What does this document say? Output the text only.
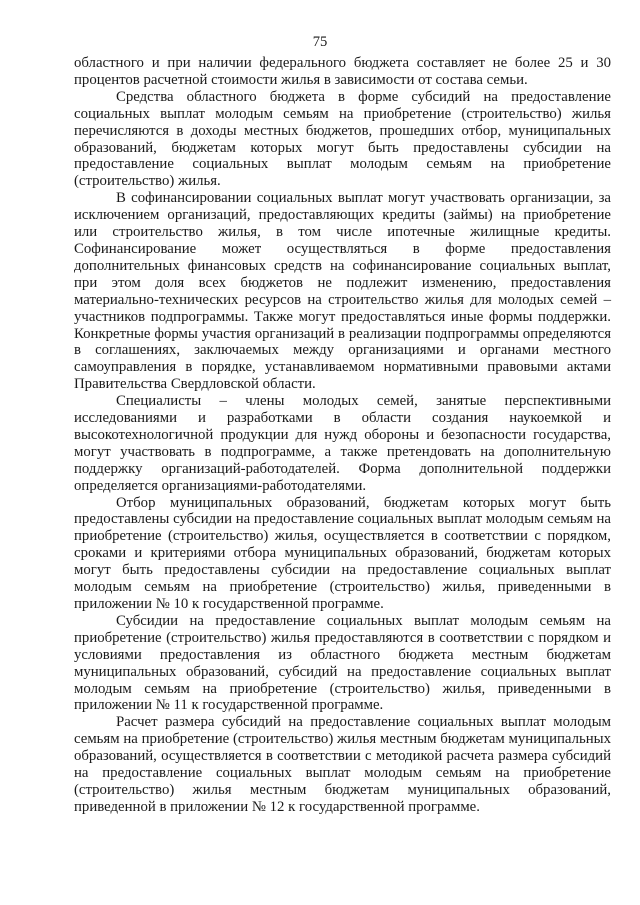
75

областного и при наличии федерального бюджета составляет не более 25 и 30 процентов расчетной стоимости жилья в зависимости от состава семьи.

Средства областного бюджета в форме субсидий на предоставление социальных выплат молодым семьям на приобретение (строительство) жилья перечисляются в доходы местных бюджетов, прошедших отбор, муниципальных образований, бюджетам которых могут быть предоставлены субсидии на предоставление социальных выплат молодым семьям на приобретение (строительство) жилья.

В софинансировании социальных выплат могут участвовать организации, за исключением организаций, предоставляющих кредиты (займы) на приобретение или строительство жилья, в том числе ипотечные жилищные кредиты. Софинансирование может осуществляться в форме предоставления дополнительных финансовых средств на софинансирование социальных выплат, при этом доля всех бюджетов не подлежит изменению, предоставления материально-технических ресурсов на строительство жилья для молодых семей – участников подпрограммы. Также могут предоставляться иные формы поддержки. Конкретные формы участия организаций в реализации подпрограммы определяются в соглашениях, заключаемых между организациями и органами местного самоуправления в порядке, устанавливаемом нормативными правовыми актами Правительства Свердловской области.

Специалисты – члены молодых семей, занятые перспективными исследованиями и разработками в области создания наукоемкой и высокотехнологичной продукции для нужд обороны и безопасности государства, могут участвовать в подпрограмме, а также претендовать на дополнительную поддержку организаций-работодателей. Форма дополнительной поддержки определяется организациями-работодателями.

Отбор муниципальных образований, бюджетам которых могут быть предоставлены субсидии на предоставление социальных выплат молодым семьям на приобретение (строительство) жилья, осуществляется в соответствии с порядком, сроками и критериями отбора муниципальных образований, бюджетам которых могут быть предоставлены субсидии на предоставление социальных выплат молодым семьям на приобретение (строительство) жилья, приведенными в приложении № 10 к государственной программе.

Субсидии на предоставление социальных выплат молодым семьям на приобретение (строительство) жилья предоставляются в соответствии с порядком и условиями предоставления из областного бюджета местным бюджетам муниципальных образований, субсидий на предоставление социальных выплат молодым семьям на приобретение (строительство) жилья, приведенными в приложении № 11 к государственной программе.

Расчет размера субсидий на предоставление социальных выплат молодым семьям на приобретение (строительство) жилья местным бюджетам муниципальных образований, осуществляется в соответствии с методикой расчета размера субсидий на предоставление социальных выплат молодым семьям на приобретение (строительство) жилья местным бюджетам муниципальных образований, приведенной в приложении № 12 к государственной программе.
